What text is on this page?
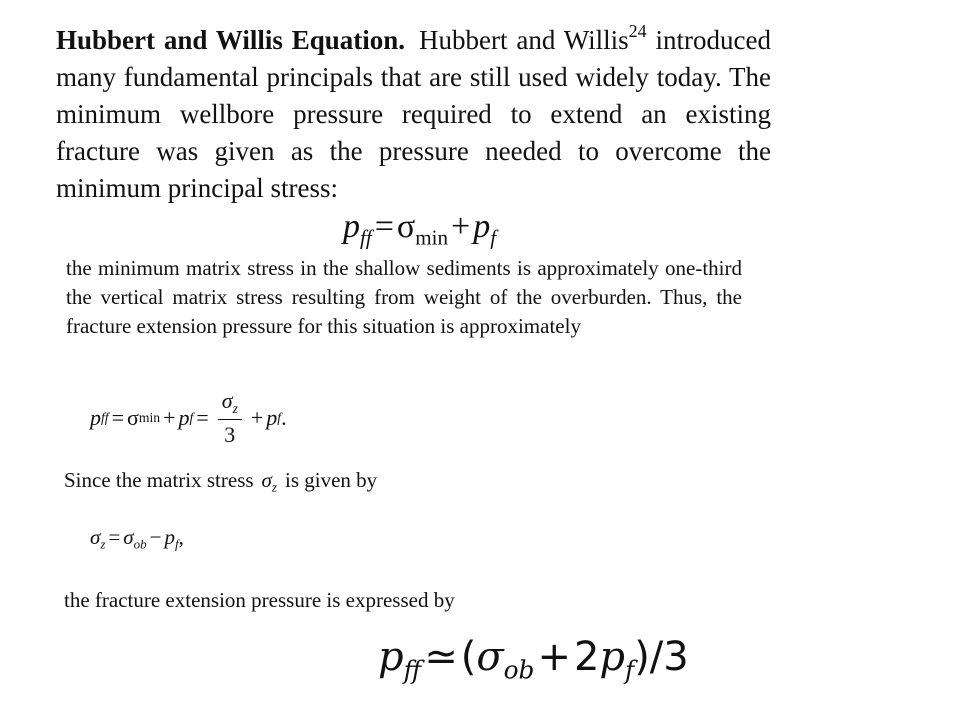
Hubbert and Willis Equation. Hubbert and Willis$^{24}$ introduced many fundamental principals that are still used widely today. The minimum wellbore pressure required to extend an existing fracture was given as the pressure needed to overcome the minimum principal stress:
$p_{ff}=\sigma_{min}+p_f$
the minimum matrix stress in the shallow sediments is approximately one-third the vertical matrix stress resulting from weight of the overburden. Thus, the fracture extension pressure for this situation is approximately
p ff = σ min + p $f = \frac{\sigma_z}{3} + p$ f .
Since the matrix stress $\sigma_z$ is given by
$\sigma_z = \sigma_{ob} - p_f$,
the fracture extension pressure is expressed by
$p_{ff}≃(\sigma_{ob}+2p_f)/3$
